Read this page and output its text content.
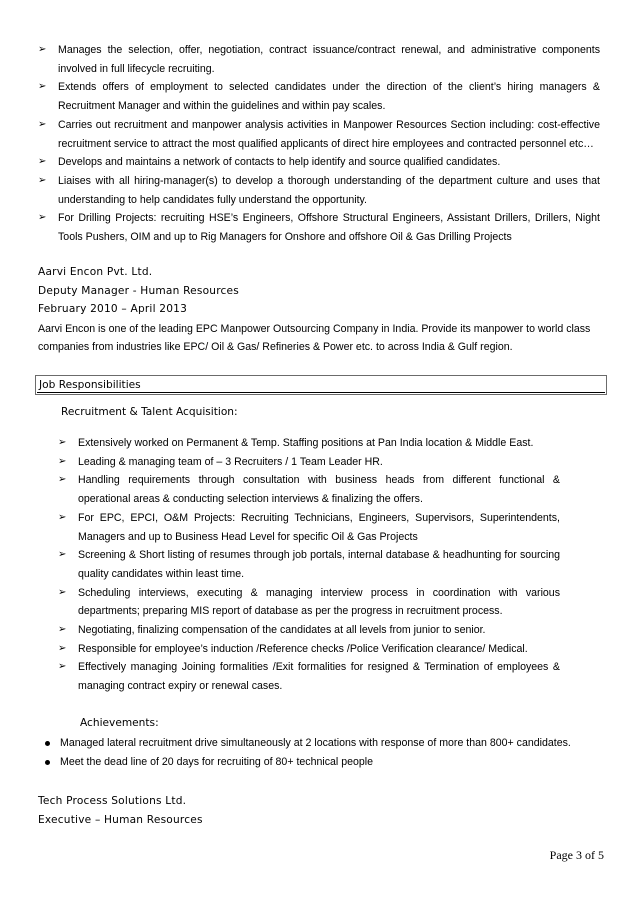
➢	Manages the selection, offer, negotiation, contract issuance/contract renewal, and administrative components involved in full lifecycle recruiting.
➢	Extends offers of employment to selected candidates under the direction of the client’s hiring managers & Recruitment Manager and within the guidelines and within pay scales.
➢	Carries out recruitment and manpower analysis activities in Manpower Resources Section including: cost-effective recruitment service to attract the most qualified applicants of direct hire employees and contracted personnel etc…
➢	Develops and maintains a network of contacts to help identify and source qualified candidates.
➢	Liaises with all hiring-manager(s) to develop a thorough understanding of the department culture and uses that understanding to help candidates fully understand the opportunity.
➢	For Drilling Projects: recruiting HSE’s Engineers, Offshore Structural Engineers, Assistant Drillers, Drillers, Night Tools Pushers, OIM and up to Rig Managers for Onshore and offshore Oil & Gas Drilling Projects
Aarvi Encon Pvt. Ltd.
Deputy Manager - Human Resources
February 2010 – April 2013
Aarvi Encon is one of the leading EPC Manpower Outsourcing Company in India. Provide its manpower to world class companies from industries like EPC/ Oil & Gas/ Refineries & Power etc. to across India & Gulf region.
Job Responsibilities
Recruitment & Talent Acquisition:
➢	Extensively worked on Permanent & Temp. Staffing positions at Pan India location & Middle East.
➢	Leading & managing team of – 3 Recruiters / 1 Team Leader HR.
➢	Handling requirements through consultation with business heads from different functional & operational areas & conducting selection interviews & finalizing the offers.
➢	For EPC, EPCI, O&M Projects: Recruiting Technicians, Engineers, Supervisors, Superintendents, Managers and up to Business Head Level for specific Oil & Gas Projects
➢	Screening & Short listing of resumes through job portals, internal database & headhunting for sourcing quality candidates within least time.
➢	Scheduling interviews, executing & managing interview process in coordination with various departments; preparing MIS report of database as per the progress in recruitment process.
➢	Negotiating, finalizing compensation of the candidates at all levels from junior to senior.
➢	Responsible for employee’s induction /Reference checks /Police Verification clearance/ Medical.
➢	Effectively managing Joining formalities /Exit formalities for resigned & Termination of employees & managing contract expiry or renewal cases.
Achievements:
Managed lateral recruitment drive simultaneously at 2 locations with response of more than 800+ candidates.
Meet the dead line of 20 days for recruiting of 80+ technical people
Tech Process Solutions Ltd.
Executive – Human Resources
Page 3 of 5
